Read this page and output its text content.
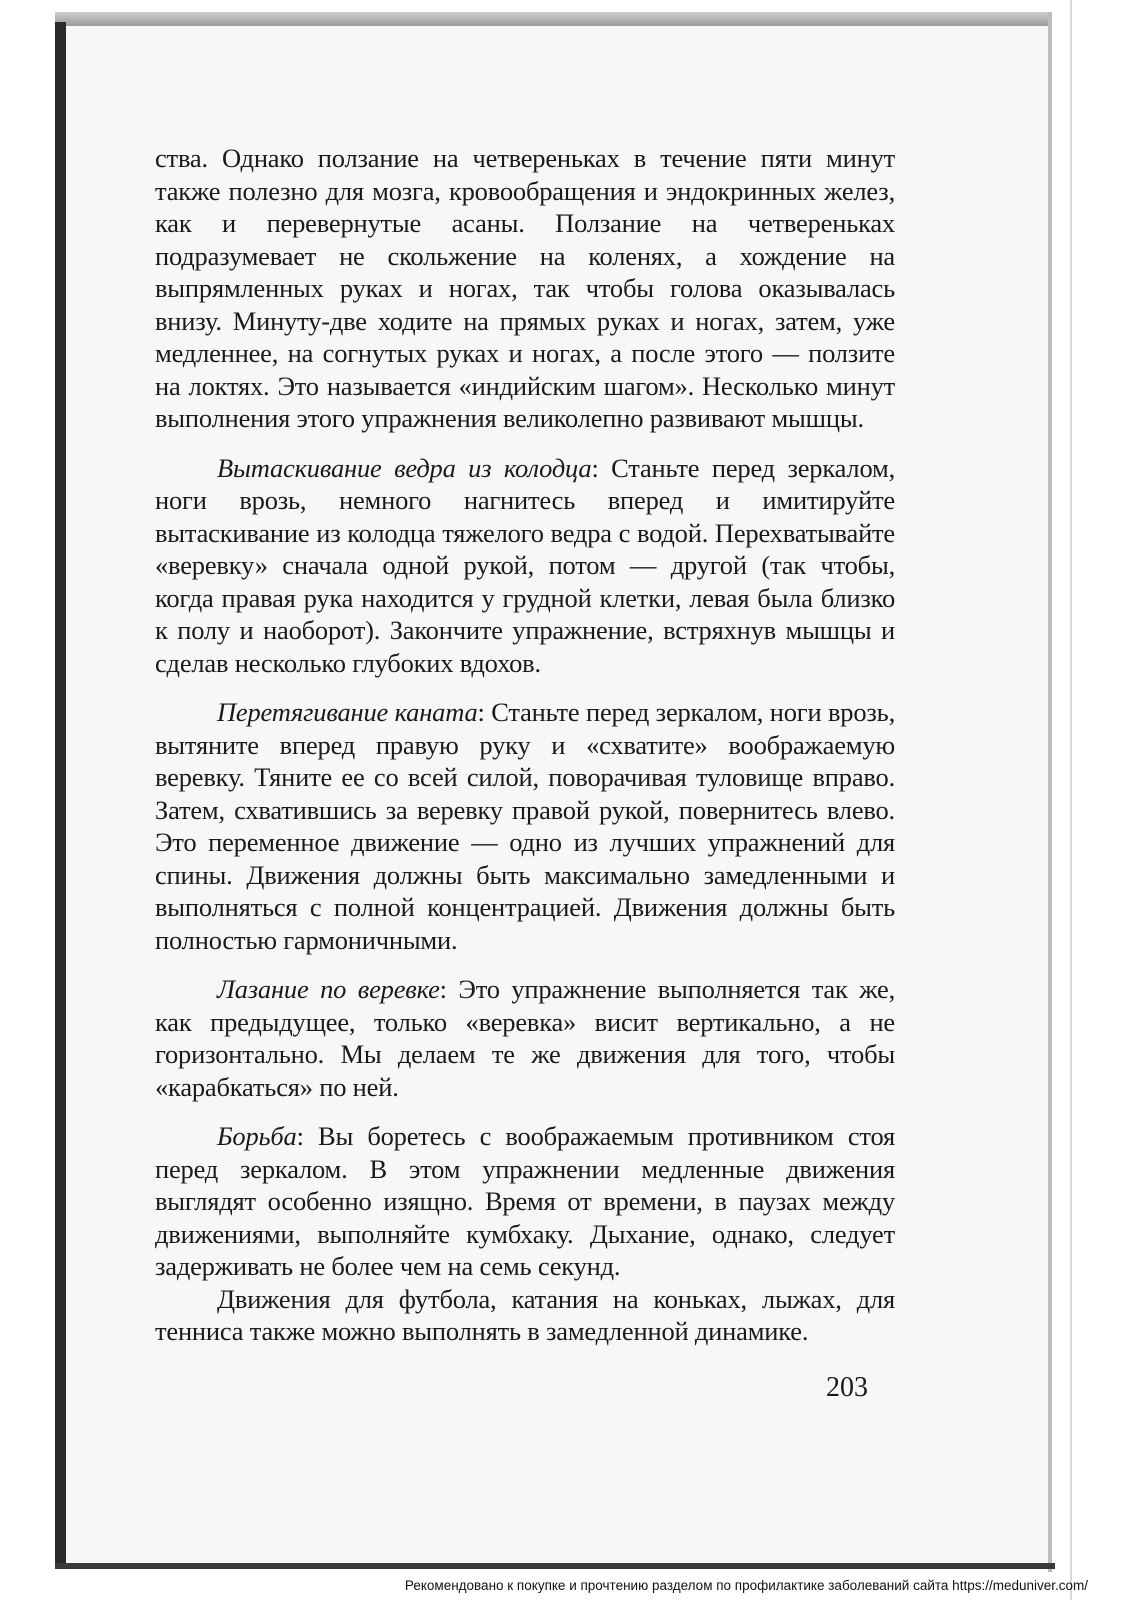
ства. Однако ползание на четвереньках в течение пяти минут также полезно для мозга, кровообращения и эндокринных желез, как и перевернутые асаны. Ползание на четвереньках подразумевает не скольжение на коленях, а хождение на выпрямленных руках и ногах, так чтобы голова оказывалась внизу. Минуту-две ходите на прямых руках и ногах, затем, уже медленнее, на согнутых руках и ногах, а после этого — ползите на локтях. Это называется «индийским шагом». Несколько минут выполнения этого упражнения великолепно развивают мышцы.

Вытаскивание ведра из колодца: Станьте перед зеркалом, ноги врозь, немного нагнитесь вперед и имитируйте вытаскивание из колодца тяжелого ведра с водой. Перехватывайте «веревку» сначала одной рукой, потом — другой (так чтобы, когда правая рука находится у грудной клетки, левая была близко к полу и наоборот). Закончите упражнение, встряхнув мышцы и сделав несколько глубоких вдохов.

Перетягивание каната: Станьте перед зеркалом, ноги врозь, вытяните вперед правую руку и «схватите» воображаемую веревку. Тяните ее со всей силой, поворачивая туловище вправо. Затем, схватившись за веревку правой рукой, повернитесь влево. Это переменное движение — одно из лучших упражнений для спины. Движения должны быть максимально замедленными и выполняться с полной концентрацией. Движения должны быть полностью гармоничными.

Лазание по веревке: Это упражнение выполняется так же, как предыдущее, только «веревка» висит вертикально, а не горизонтально. Мы делаем те же движения для того, чтобы «карабкаться» по ней.

Борьба: Вы боретесь с воображаемым противником стоя перед зеркалом. В этом упражнении медленные движения выглядят особенно изящно. Время от времени, в паузах между движениями, выполняйте кумбхаку. Дыхание, однако, следует задерживать не более чем на семь секунд.

Движения для футбола, катания на коньках, лыжах, для тенниса также можно выполнять в замедленной динамике.

203
Рекомендовано к покупке и прочтению разделом по профилактике заболеваний сайта https://meduniver.com/
